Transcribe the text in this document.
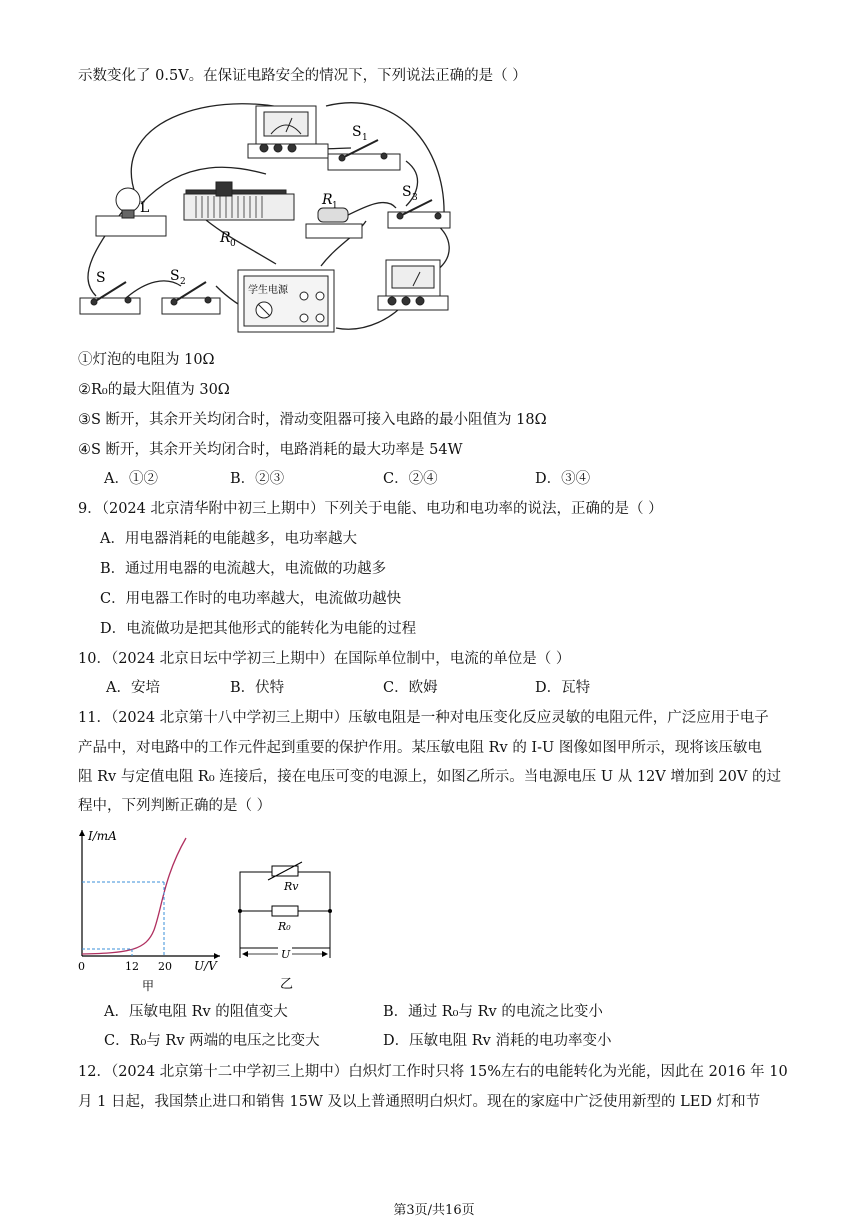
示数变化了 0.5V。在保证电路安全的情况下，下列说法正确的是（ ）
S 1
L
R 0
R 1
S 3
S	S 2
学生电源
①灯泡的电阻为 10Ω
②R₀的最大阻值为 30Ω
③S 断开，其余开关均闭合时，滑动变阻器可接入电路的最小阻值为 18Ω
④S 断开，其余开关均闭合时，电路消耗的最大功率是 54W
A．①②	B．②③	C．②④	D．③④
9．（2024 北京清华附中初三上期中）下列关于电能、电功和电功率的说法，正确的是（ ）
A．用电器消耗的电能越多，电功率越大
B．通过用电器的电流越大，电流做的功越多
C．用电器工作时的电功率越大，电流做功越快
D．电流做功是把其他形式的能转化为电能的过程
10．（2024 北京日坛中学初三上期中）在国际单位制中，电流的单位是（ ）
A．安培	B．伏特	C．欧姆	D．瓦特
11．（2024 北京第十八中学初三上期中）压敏电阻是一种对电压变化反应灵敏的电阻元件，广泛应用于电子
产品中，对电路中的工作元件起到重要的保护作用。某压敏电阻 Rv 的 I-U 图像如图甲所示，现将该压敏电
阻 Rv 与定值电阻 R₀ 连接后，接在电压可变的电源上，如图乙所示。当电源电压 U 从 12V 增加到 20V 的过
程中，下列判断正确的是（ ）
I/mA
U/V
0	12 20
甲
Rv
R₀
U
乙
A．压敏电阻 Rv 的阻值变大	B．通过 R₀与 Rv 的电流之比变小
C．R₀与 Rv 两端的电压之比变大	D．压敏电阻 Rv 消耗的电功率变小
12．（2024 北京第十二中学初三上期中）白炽灯工作时只将 15%左右的电能转化为光能，因此在 2016 年 10
月 1 日起，我国禁止进口和销售 15W 及以上普通照明白炽灯。现在的家庭中广泛使用新型的 LED 灯和节
第3页/共16页
